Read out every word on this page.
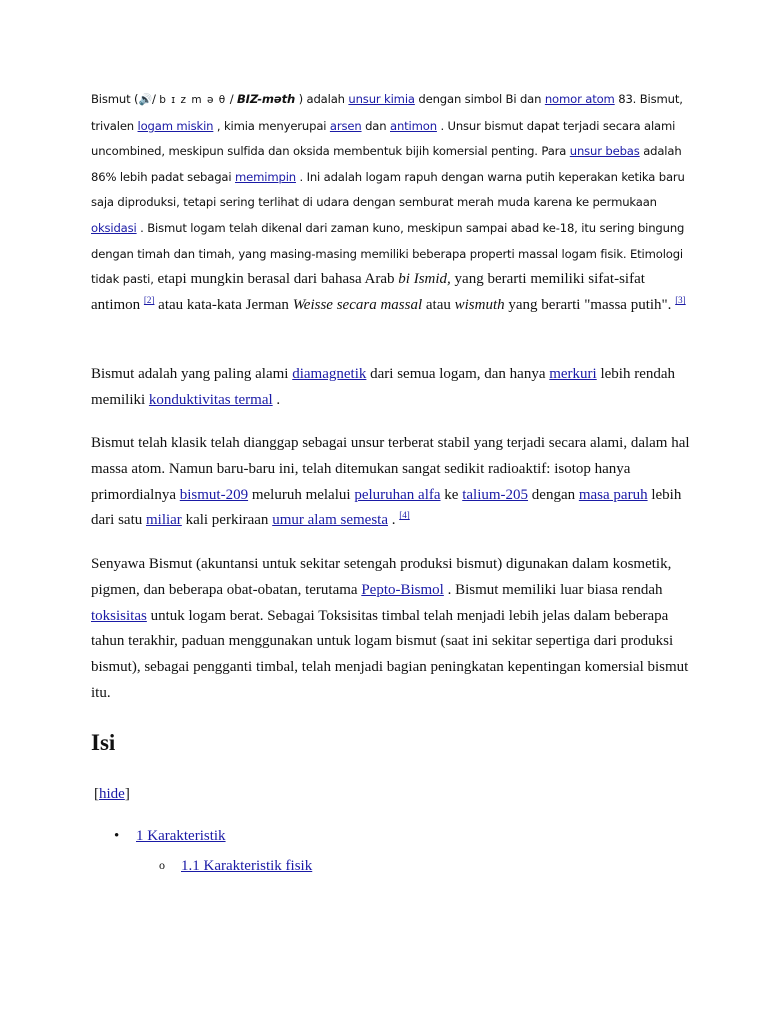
Bismut (🔊/ b ɪ z m ə θ / BIZ-məth ) adalah unsur kimia dengan simbol Bi dan nomor atom 83. Bismut, trivalen logam miskin , kimia menyerupai arsen dan antimon . Unsur bismut dapat terjadi secara alami uncombined, meskipun sulfida dan oksida membentuk bijih komersial penting. Para unsur bebas adalah 86% lebih padat sebagai memimpin . Ini adalah logam rapuh dengan warna putih keperakan ketika baru saja diproduksi, tetapi sering terlihat di udara dengan semburat merah muda karena ke permukaan oksidasi . Bismut logam telah dikenal dari zaman kuno, meskipun sampai abad ke-18, itu sering bingung dengan timah dan timah, yang masing-masing memiliki beberapa properti massal logam fisik. Etimologi tidak pasti, etapi mungkin berasal dari bahasa Arab bi Ismid, yang berarti memiliki sifat-sifat antimon [2] atau kata-kata Jerman Weisse secara massal atau wismuth yang berarti "massa putih". [3]
Bismut adalah yang paling alami diamagnetik dari semua logam, dan hanya merkuri lebih rendah memiliki konduktivitas termal .
Bismut telah klasik telah dianggap sebagai unsur terberat stabil yang terjadi secara alami, dalam hal massa atom. Namun baru-baru ini, telah ditemukan sangat sedikit radioaktif: isotop hanya primordialnya bismut-209 meluruh melalui peluruhan alfa ke talium-205 dengan masa paruh lebih dari satu miliar kali perkiraan umur alam semesta . [4]
Senyawa Bismut (akuntansi untuk sekitar setengah produksi bismut) digunakan dalam kosmetik, pigmen, dan beberapa obat-obatan, terutama Pepto-Bismol . Bismut memiliki luar biasa rendah toksisitas untuk logam berat. Sebagai Toksisitas timbal telah menjadi lebih jelas dalam beberapa tahun terakhir, paduan menggunakan untuk logam bismut (saat ini sekitar sepertiga dari produksi bismut), sebagai pengganti timbal, telah menjadi bagian peningkatan kepentingan komersial bismut itu.
Isi
[hide]
• 1 Karakteristik
o 1.1 Karakteristik fisik
